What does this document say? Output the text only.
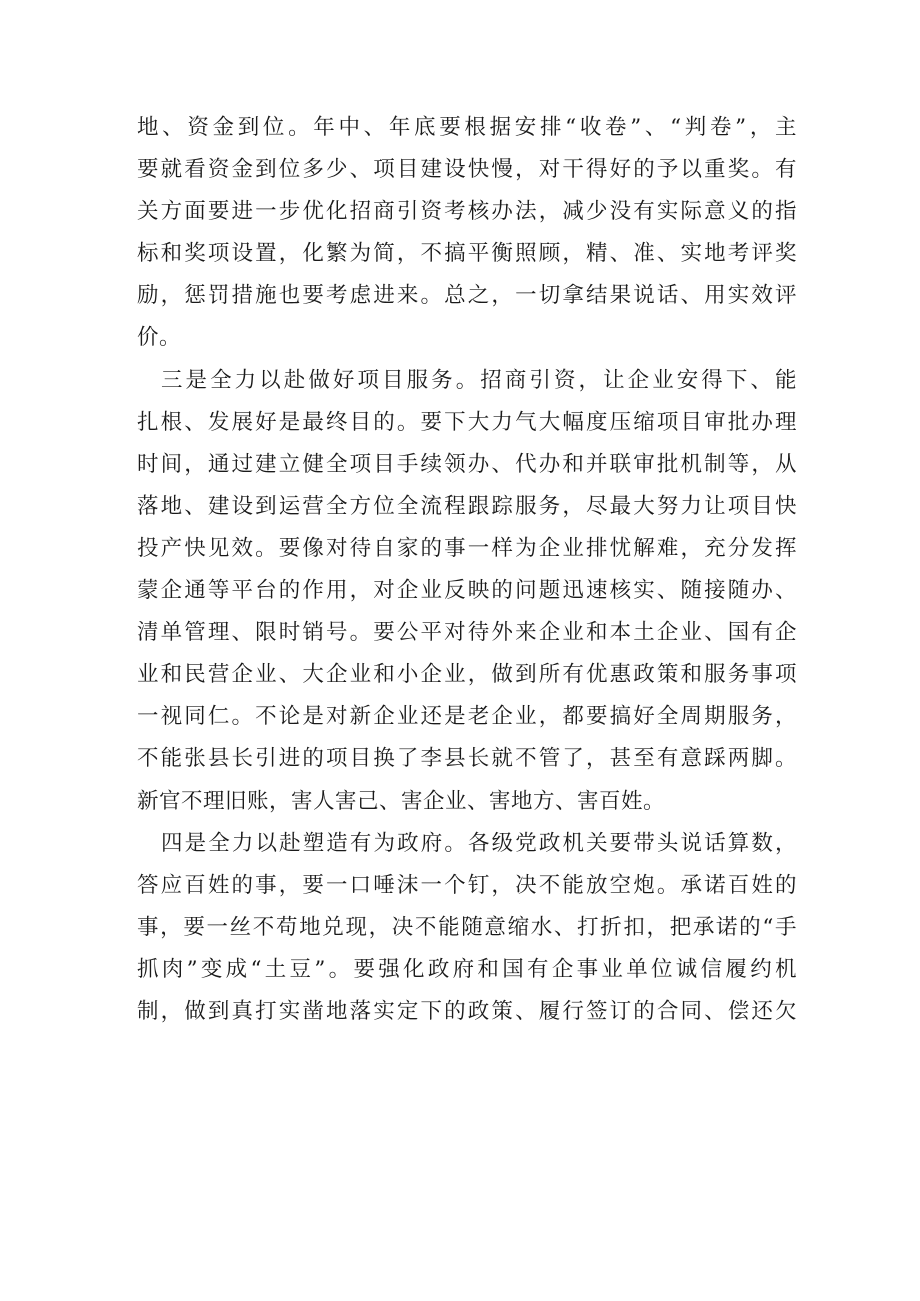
地、资金到位。年中、年底要根据安排“收卷”、“判卷”，主
要就看资金到位多少、项目建设快慢，对干得好的予以重奖。有
关方面要进一步优化招商引资考核办法，减少没有实际意义的指
标和奖项设置，化繁为简，不搞平衡照顾，精、准、实地考评奖
励，惩罚措施也要考虑进来。总之，一切拿结果说话、用实效评
价。
三是全力以赴做好项目服务。招商引资，让企业安得下、能
扎根、发展好是最终目的。要下大力气大幅度压缩项目审批办理
时间，通过建立健全项目手续领办、代办和并联审批机制等，从
落地、建设到运营全方位全流程跟踪服务，尽最大努力让项目快
投产快见效。要像对待自家的事一样为企业排忧解难，充分发挥
蒙企通等平台的作用，对企业反映的问题迅速核实、随接随办、
清单管理、限时销号。要公平对待外来企业和本土企业、国有企
业和民营企业、大企业和小企业，做到所有优惠政策和服务事项
一视同仁。不论是对新企业还是老企业，都要搞好全周期服务，
不能张县长引进的项目换了李县长就不管了，甚至有意踩两脚。
新官不理旧账，害人害己、害企业、害地方、害百姓。
四是全力以赴塑造有为政府。各级党政机关要带头说话算数，
答应百姓的事，要一口唾沫一个钉，决不能放空炮。承诺百姓的
事，要一丝不苟地兑现，决不能随意缩水、打折扣，把承诺的“手
抓肉”变成“土豆”。要强化政府和国有企事业单位诚信履约机
制，做到真打实凿地落实定下的政策、履行签订的合同、偿还欠
